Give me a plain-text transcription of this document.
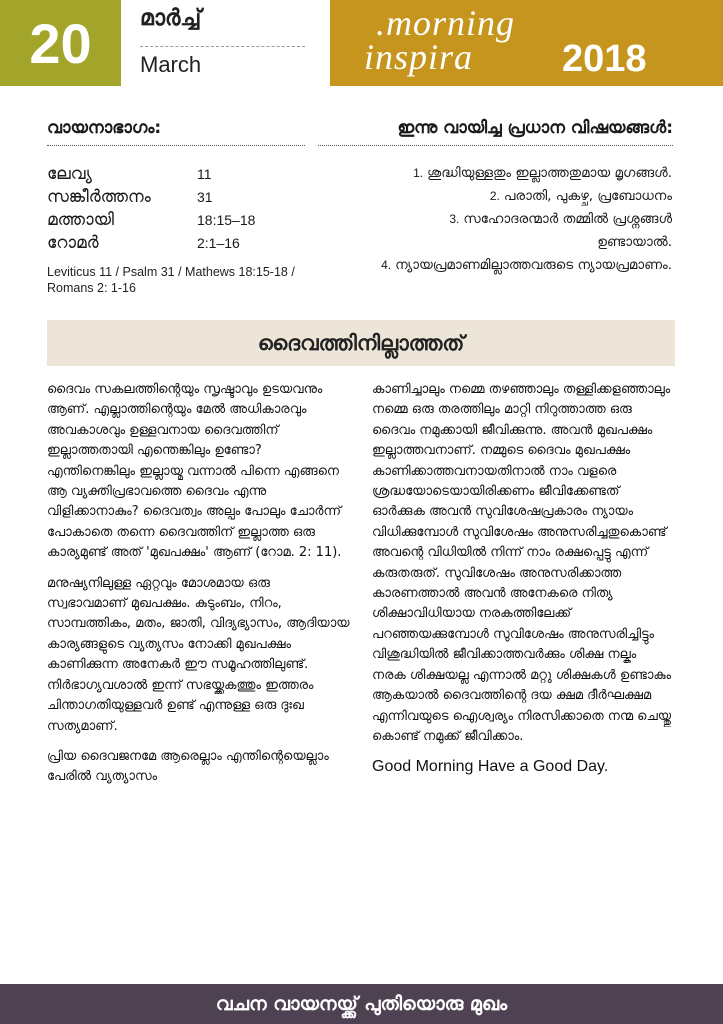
20	മാർച്ച്
March
.morning
inspira 2018
വായനാഭാഗം:
ലേവ്യ	11
സങ്കീർത്തനം	31
മത്തായി	18:15–18
റോമർ	2:1–16
Leviticus 11 / Psalm 31 / Mathews 18:15-18 / Romans 2: 1-16
ഇന്നു വായിച്ച പ്രധാന വിഷയങ്ങൾ:
1. ശുദ്ധിയുള്ളതും ഇല്ലാത്തതുമായ മൃഗങ്ങൾ.
2. പരാതി, പുകഴ്ച, പ്രബോധനം
3. സഹോദരന്മാർ തമ്മിൽ പ്രശ്നങ്ങൾ
ഉണ്ടായാൽ.
4. ന്യായപ്രമാണമില്ലാത്തവരുടെ ന്യായപ്രമാണം.
ദൈവത്തിനില്ലാത്തത്

ദൈവം സകലത്തിന്റെയും സൃഷ്ടാവും ഉടയവനും ആണ്. എല്ലാത്തിന്റെയും മേൽ അധികാരവും അവകാശവും ഉള്ളവനായ ദൈവത്തിന് ഇല്ലാത്തതായി എന്തെങ്കിലും ഉണ്ടോ? എന്തിനെങ്കിലും ഇല്ലായ്മ വന്നാൽ പിന്നെ എങ്ങനെ ആ വ്യക്തിപ്രഭാവത്തെ ദൈവം എന്നു വിളിക്കാനാകും? ദൈവത്വം അല്പം പോലും ചോർന്ന് പോകാതെ തന്നെ ദൈവത്തിന് ഇല്ലാത്ത ഒരു കാര്യമുണ്ട് അത് 'മുഖപക്ഷം' ആണ് (റോമ. 2: 11).

മനുഷ്യനിലുള്ള ഏറ്റവും മോശമായ ഒരു സ്വഭാവമാണ് മുഖപക്ഷം. കുടുംബം, നിറം, സാമ്പത്തികം, മതം, ജാതി, വിദ്യഭ്യാസം, ആദിയായ കാര്യങ്ങളുടെ വ്യത്യസം നോക്കി മുഖപക്ഷം കാണിക്കുന്ന അനേകർ ഈ സമൂഹത്തിലുണ്ട്. നിർഭാഗ്യവശാൽ ഇന്ന് സഭയ്ക്കകത്തും ഇത്തരം ചിന്താഗതിയുള്ളവർ ഉണ്ട് എന്നുള്ള ഒരു ദുഃഖ സത്യമാണ്.

പ്രിയ ദൈവജനമേ ആരെല്ലാം എന്തിന്റെയെല്ലാം പേരിൽ വ്യത്യാസം

കാണിച്ചാലും നമ്മെ തഴഞ്ഞാലും തള്ളിക്കളഞ്ഞാലും നമ്മെ ഒരു തരത്തിലും മാറ്റി നിറുത്താത്ത ഒരു ദൈവം നമുക്കായി ജീവിക്കുന്നു. അവൻ മുഖപക്ഷം ഇല്ലാത്തവനാണ്. നമ്മുടെ ദൈവം മുഖപക്ഷം കാണിക്കാത്തവനായതിനാൽ നാം വളരെ ശ്രദ്ധയോടെയായിരിക്കണം ജീവിക്കേണ്ടത് ഓർക്കുക അവൻ സുവിശേഷപ്രകാരം ന്യായം വിധിക്കുമ്പോൾ സുവിശേഷം അനുസരിച്ചതുകൊണ്ട് അവന്റെ വിധിയിൽ നിന്ന് നാം രക്ഷപ്പെട്ടു എന്ന് കരുതരുത്. സുവിശേഷം അനുസരിക്കാത്ത കാരണത്താൽ അവൻ അനേകരെ നിത്യ ശിക്ഷാവിധിയായ നരകത്തിലേക്ക് പറഞ്ഞയക്കുമ്പോൾ സുവിശേഷം അനുസരിച്ചിട്ടും വിശുദ്ധിയിൽ ജീവിക്കാത്തവർക്കും ശിക്ഷ നല്കും നരക ശിക്ഷയല്ല എന്നാൽ മറ്റു ശിക്ഷകൾ ഉണ്ടാകും ആകയാൽ ദൈവത്തിന്റെ ദയ ക്ഷമ ദീർഘക്ഷമ എന്നിവയുടെ ഐശ്വര്യം നിരസിക്കാതെ നന്മ ചെയ്തു കൊണ്ട് നമുക്ക് ജീവിക്കാം.

Good Morning Have a Good Day.
വചന വായനയ്ക്ക് പുതിയൊരു മുഖം
